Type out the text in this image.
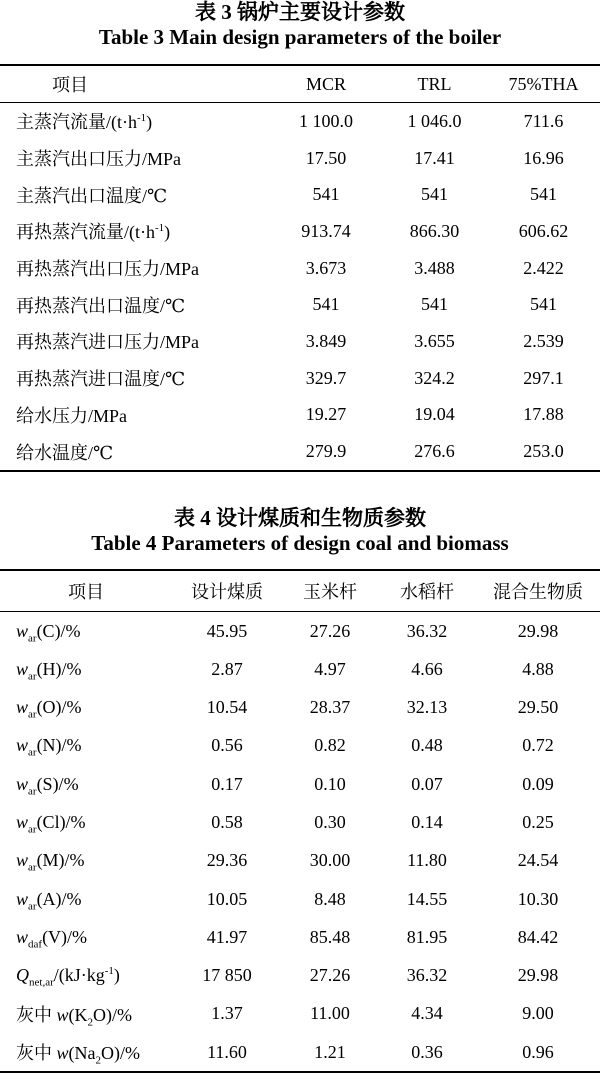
表 3 锅炉主要设计参数
Table 3 Main design parameters of the boiler
项目	MCR	TRL	75%THA
主蒸汽流量$/(t\cdot h^{-1})$	1 100.0	1 046.0	711.6
主蒸汽出口压力/MPa	17.50	17.41	16.96
主蒸汽出口温度/℃	541	541	541
再热蒸汽流量$/(t\cdot h^{-1})$	913.74	866.30	606.62
再热蒸汽出口压力/MPa	3.673	3.488	2.422
再热蒸汽出口温度/℃	541	541	541
再热蒸汽进口压力/MPa	3.849	3.655	2.539
再热蒸汽进口温度/℃	329.7	324.2	297.1
给水压力/MPa	19.27	19.04	17.88
给水温度/℃	279.9	276.6	253.0
表 4 设计煤质和生物质参数
Table 4 Parameters of design coal and biomass
项目	设计煤质	玉米杆	水稻杆	混合生物质
$w_{ar}(C)/\%$	45.95	27.26	36.32	29.98
$w_{ar}(H)/\%$	2.87	4.97	4.66	4.88
$w_{ar}(O)/\%$	10.54	28.37	32.13	29.50
$w_{ar}(N)/\%$	0.56	0.82	0.48	0.72
$w_{ar}(S)/\%$	0.17	0.10	0.07	0.09
$w_{ar}(Cl)/\%$	0.58	0.30	0.14	0.25
$w_{ar}(M)/\%$	29.36	30.00	11.80	24.54
$w_{ar}(A)/\%$	10.05	8.48	14.55	10.30
$w_{daf}(V)/\%$	41.97	85.48	81.95	84.42
$Q_{net,ar}/(kJ\cdot kg^{-1})$	17 850	27.26	36.32	29.98
灰中 $w(K_2O)/\%$	1.37	11.00	4.34	9.00
灰中 $w(Na_2O)/\%$	11.60	1.21	0.36	0.96
